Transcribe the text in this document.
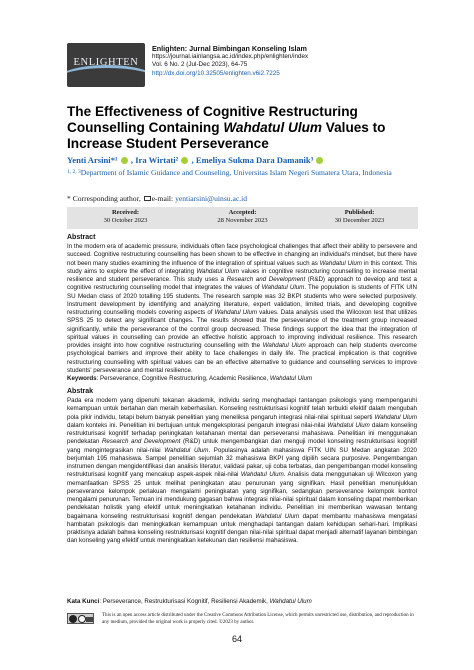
ENLIGHTEN
Enlighten: Jurnal Bimbingan Konseling Islam
https://journal.iainlangsa.ac.id/index.php/enlighten/index
Vol. 6 No. 2 (Jul-Dec 2023), 64-75
http://dx.doi.org/10.32505/enlighten.v6i2.7225
The Effectiveness of Cognitive Restructuring Counselling Containing Wahdatul Ulum Values to Increase Student Perseverance
Yenti Arsini*¹ , Ira Wirtati² , Emeliya Sukma Dara Damanik³
$^{1, 2, 3}$Department of Islamic Guidance and Counseling, Universitas Islam Negeri Sumatera Utara, Indonesia
* Corresponding author, e-mail: yentiarsini@uinsu.ac.id
Received:
30 October 2023
Accepted:
28 November 2023
Published:
30 December 2023
Abstract
In the modern era of academic pressure, individuals often face psychological challenges that affect their ability to persevere and succeed. Cognitive restructuring counselling has been shown to be effective in changing an individual's mindset, but there have not been many studies examining the influence of the integration of spiritual values such as Wahdatul Ulum in this context. This study aims to explore the effect of integrating Wahdatul Ulum values in cognitive restructuring counselling to increase mental resilience and student perseverance. This study uses a Research and Development (R&D) approach to develop and test a cognitive restructuring counselling model that integrates the values of Wahdatul Ulum. The population is students of FITK UIN SU Medan class of 2020 totalling 195 students. The research sample was 32 BKPI students who were selected purposively. Instrument development by identifying and analyzing literature, expert validation, limited trials, and developing cognitive restructuring counselling models covering aspects of Wahdatul Ulum values. Data analysis used the Wilcoxon test that utilizes SPSS 25 to detect any significant changes. The results showed that the perseverance of the treatment group increased significantly, while the perseverance of the control group decreased. These findings support the idea that the integration of spiritual values in counselling can provide an effective holistic approach to improving individual resilience. This research provides insight into how cognitive restructuring counselling with the Wahdatul Ulum approach can help students overcome psychological barriers and improve their ability to face challenges in daily life. The practical implication is that cognitive restructuring counselling with spiritual values can be an effective alternative to guidance and counselling services to improve students' perseverance and mental resilience.
Keywords: Perseverance, Cognitive Restructuring, Academic Resilience, Wahdatul Ulum
Abstrak
Pada era modern yang dipenuhi tekanan akademik, individu sering menghadapi tantangan psikologis yang mempengaruhi kemampuan untuk bertahan dan meraih keberhasilan. Konseling restrukturisasi kognitif telah terbukti efektif dalam mengubah pola pikir individu, tetapi belum banyak penelitian yang meneliksa pengaruh integrasi nilai-nilai spiritual seperti Wahdatul Ulum dalam konteks ini. Penelitian ini bertujuan untuk mengeksplorasi pengaruh integrasi nilai-nilai Wahdatul Ulum dalam konseling restrukturisasi kognitif terhadap peningkatan ketahanan mental dan perseveransi mahasiswa. Penelitian ini menggunakan pendekatan Research and Development (R&D) untuk mengembangkan dan menguji model konseling restrukturisasi kognitif yang mengintegrasikan nilai-nilai Wahdatul Ulum. Populasinya adalah mahasiswa FITK UIN SU Medan angkatan 2020 berjumlah 195 mahasiswa. Sampel penelitian sejumlah 32 mahasiswa BKPI yang dipilih secara purposive. Pengembangan instrumen dengan mengidentifikasi dan analisis literatur, validasi pakar, uji coba terbatas, dan pengembangan model konseling restrukturisasi kognitif yang mencakup aspek-aspek nilai-nilai Wahdatul Ulum. Analisis data menggunakan uji Wilcoxon yang memanfaatkan SPSS 25 untuk melihat peningkatan atau penurunan yang signifikan. Hasil penelitian menunjukkan perseverance kelompok perlakuan mengalami peningkatan yang signifikan, sedangkan perseverance kelompok kontrol mengalami penurunan. Temuan ini mendukung gagasan bahwa integrasi nilai-nilai spiritual dalam konseling dapat memberikan pendekatan holistik yang efektif untuk meningkatkan ketahanan individu. Penelitian ini memberikan wawasan tentang bagaimana konseling restrukturisasi kognitif dengan pendekatan Wahdatul Ulum dapat membantu mahasiswa mengatasi hambatan psikologis dan meningkatkan kemampuan untuk menghadapi tantangan dalam kehidupan sehari-hari. Implikasi praktisnya adalah bahwa konseling restrukturisasi kognitif dengan nilai-nilai spiritual dapat menjadi alternatif layanan bimbingan dan konseling yang efektif untuk meningkatkan ketekunan dan resiliensi mahasiswa.
Kata Kunci: Perseverance, Restrukturisasi Kognitif, Resiliensi Akademik, Wahdatul Ulum
This is an open access article distributed under the Creative Commons Attribution License, which permits unrestricted use, distribution, and reproduction in any medium, provided the original work is properly cited. ©2023 by author.
64
